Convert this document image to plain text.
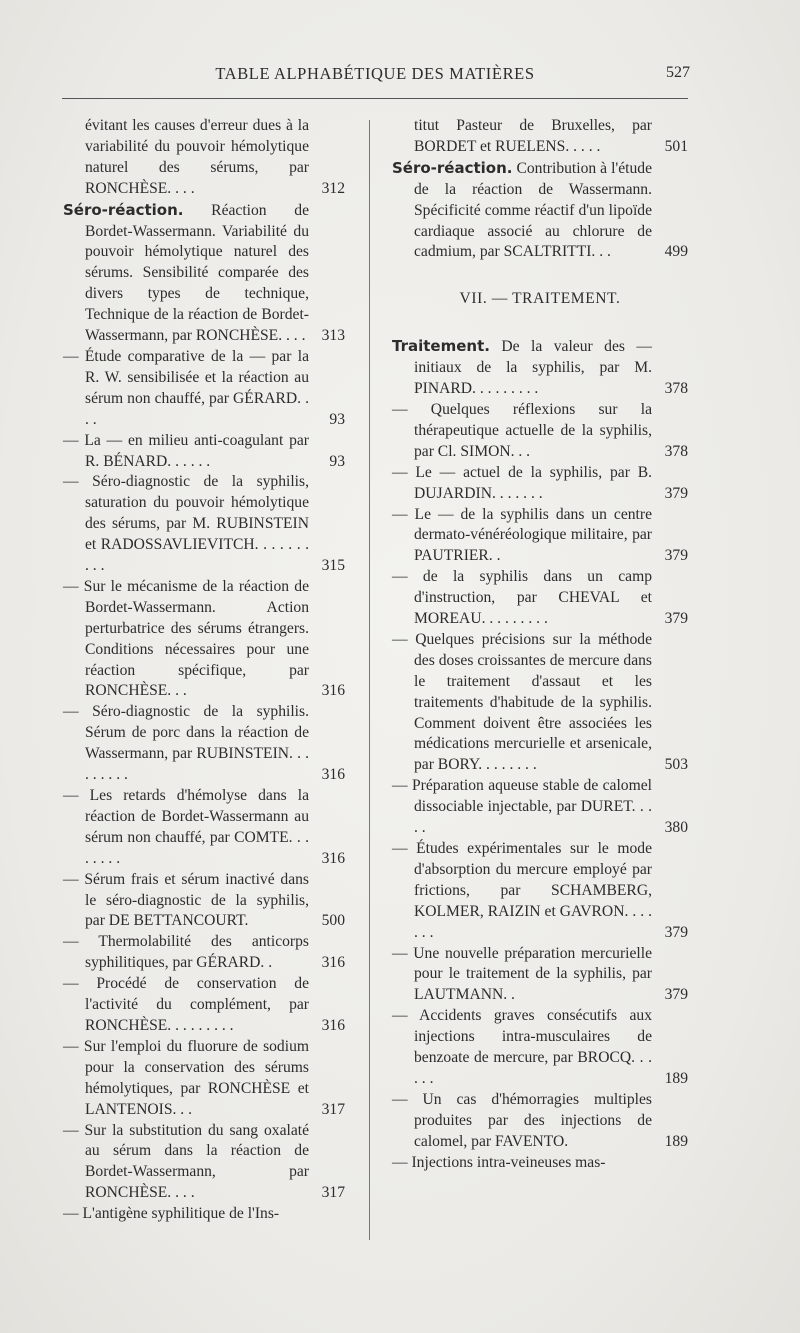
TABLE ALPHABÉTIQUE DES MATIÈRES	527
évitant les causes d'erreur dues à la variabilité du pouvoir hémolytique naturel des sérums, par RONCHÈSE. . . .	312
Séro-réaction. Réaction de Bordet-Wassermann. Variabilité du pouvoir hémolytique naturel des sérums. Sensibilité comparée des divers types de technique, Technique de la réaction de Bordet-Wassermann, par RONCHÈSE. . . .	313
— Étude comparative de la — par la R. W. sensibilisée et la réaction au sérum non chauffé, par GÉRARD. . . .	93
— La — en milieu anti-coagulant par R. BÉNARD. . . . . .	93
— Séro-diagnostic de la syphilis, saturation du pouvoir hémolytique des sérums, par M. RUBINSTEIN et RADOSSAVLIEVITCH. . . . . . . . . .	315
— Sur le mécanisme de la réaction de Bordet-Wassermann. Action perturbatrice des sérums étrangers. Conditions nécessaires pour une réaction spécifique, par RONCHÈSE. . .	316
— Séro-diagnostic de la syphilis. Sérum de porc dans la réaction de Wassermann, par RUBINSTEIN. . . . . . . . .	316
— Les retards d'hémolyse dans la réaction de Bordet-Wassermann au sérum non chauffé, par COMTE. . . . . . . .	316
— Sérum frais et sérum inactivé dans le séro-diagnostic de la syphilis, par DE BETTANCOURT.	500
— Thermolabilité des anticorps syphilitiques, par GÉRARD. .	316
— Procédé de conservation de l'activité du complément, par RONCHÈSE. . . . . . . . .	316
— Sur l'emploi du fluorure de sodium pour la conservation des sérums hémolytiques, par RONCHÈSE et LANTENOIS. . .	317
— Sur la substitution du sang oxalaté au sérum dans la réaction de Bordet-Wassermann, par RONCHÈSE. . . .	317
— L'antigène syphilitique de l'Ins-
titut Pasteur de Bruxelles, par BORDET et RUELENS. . . . .	501
Séro-réaction. Contribution à l'étude de la réaction de Wassermann. Spécificité comme réactif d'un lipoïde cardiaque associé au chlorure de cadmium, par SCALTRITTI. . .	499
VII. — TRAITEMENT.
Traitement. De la valeur des — initiaux de la syphilis, par M. PINARD. . . . . . . . .	378
— Quelques réflexions sur la thérapeutique actuelle de la syphilis, par Cl. SIMON. . .	378
— Le — actuel de la syphilis, par B. DUJARDIN. . . . . . .	379
— Le — de la syphilis dans un centre dermato-vénéréologique militaire, par PAUTRIER. .	379
— de la syphilis dans un camp d'instruction, par CHEVAL et MOREAU. . . . . . . . .	379
— Quelques précisions sur la méthode des doses croissantes de mercure dans le traitement d'assaut et les traitements d'habitude de la syphilis. Comment doivent être associées les médications mercurielle et arsenicale, par BORY. . . . . . . .	503
— Préparation aqueuse stable de calomel dissociable injectable, par DURET. . . . .	380
— Études expérimentales sur le mode d'absorption du mercure employé par frictions, par SCHAMBERG, KOLMER, RAIZIN et GAVRON. . . . . . .	379
— Une nouvelle préparation mercurielle pour le traitement de la syphilis, par LAUTMANN. .	379
— Accidents graves consécutifs aux injections intra-musculaires de benzoate de mercure, par BROCQ. . . . . .	189
— Un cas d'hémorragies multiples produites par des injections de calomel, par FAVENTO.	189
— Injections intra-veineuses mas-
